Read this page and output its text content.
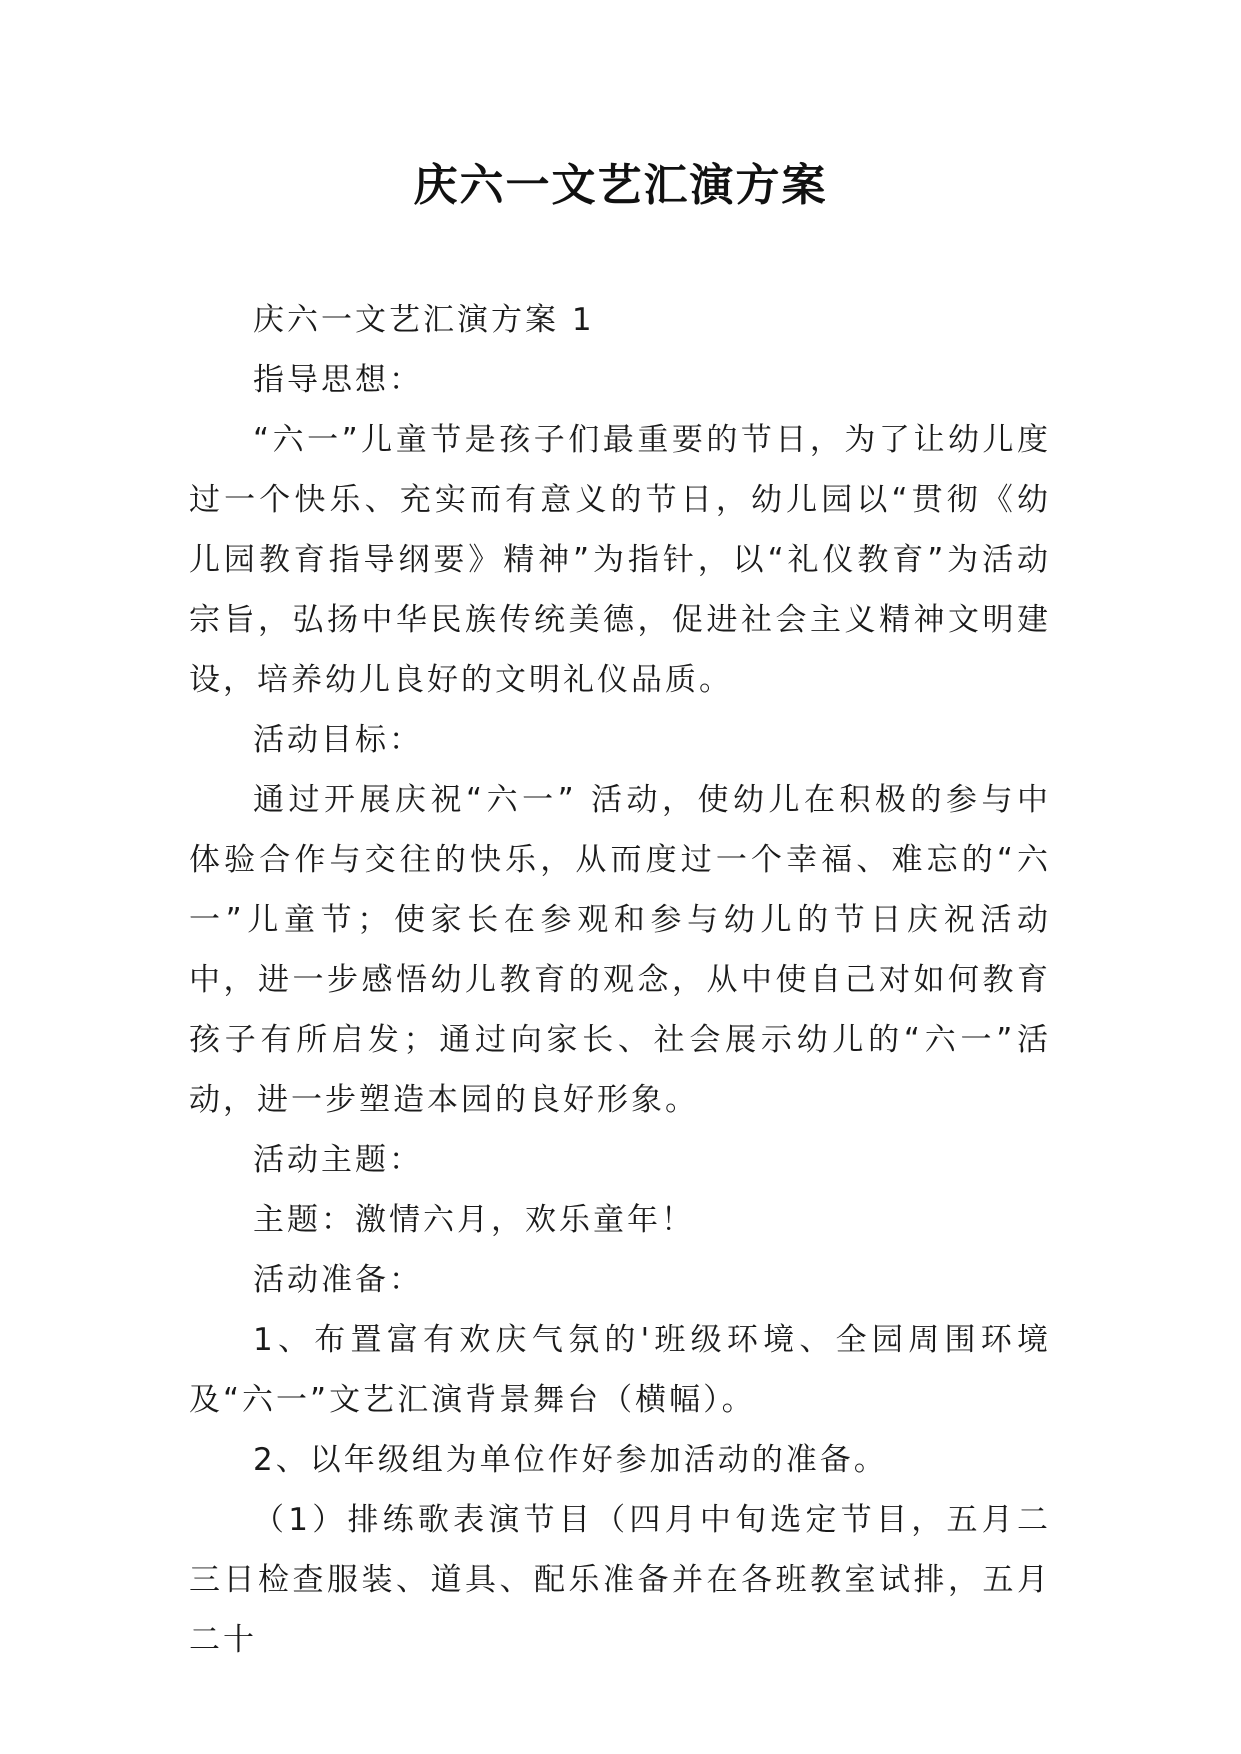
庆六一文艺汇演方案

庆六一文艺汇演方案 1

指导思想：

“六一”儿童节是孩子们最重要的节日，为了让幼儿度过一个快乐、充实而有意义的节日，幼儿园以“贯彻《幼儿园教育指导纲要》精神”为指针，以“礼仪教育”为活动宗旨，弘扬中华民族传统美德，促进社会主义精神文明建设，培养幼儿良好的文明礼仪品质。

活动目标：

通过开展庆祝“六一” 活动，使幼儿在积极的参与中体验合作与交往的快乐，从而度过一个幸福、难忘的“六一”儿童节；使家长在参观和参与幼儿的节日庆祝活动中，进一步感悟幼儿教育的观念，从中使自己对如何教育孩子有所启发；通过向家长、社会展示幼儿的“六一”活动，进一步塑造本园的良好形象。

活动主题：

主题：激情六月，欢乐童年！

活动准备：

1、布置富有欢庆气氛的'班级环境、全园周围环境及“六一”文艺汇演背景舞台（横幅）。

2、以年级组为单位作好参加活动的准备。

（1）排练歌表演节目（四月中旬选定节目，五月二三日检查服装、道具、配乐准备并在各班教室试排，五月二十
